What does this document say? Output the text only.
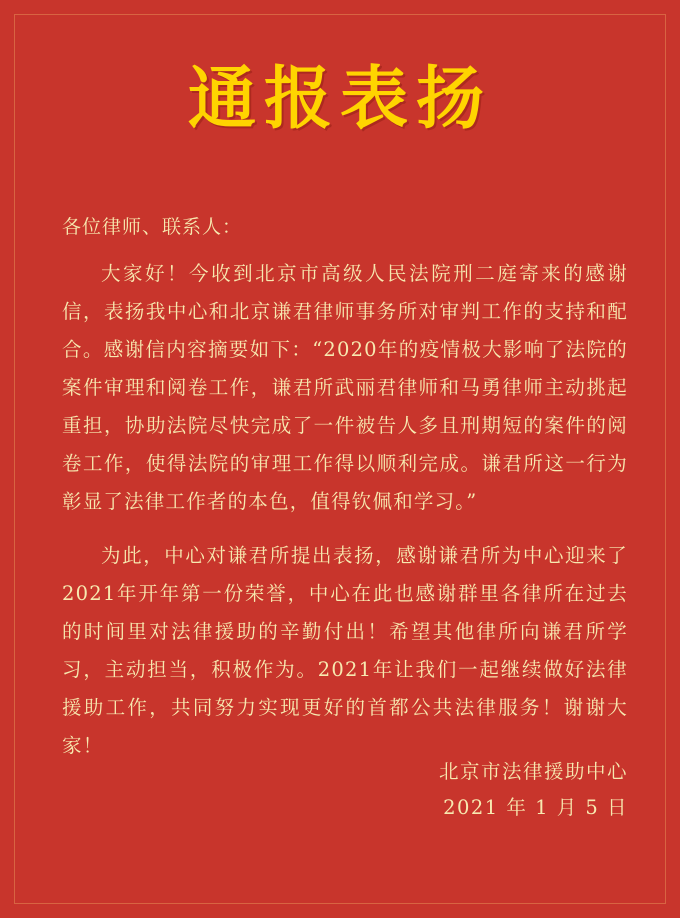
通报表扬
各位律师、联系人：

大家好！今收到北京市高级人民法院刑二庭寄来的感谢信，表扬我中心和北京谦君律师事务所对审判工作的支持和配合。感谢信内容摘要如下：“2020年的疫情极大影响了法院的案件审理和阅卷工作，谦君所武丽君律师和马勇律师主动挑起重担，协助法院尽快完成了一件被告人多且刑期短的案件的阅卷工作，使得法院的审理工作得以顺利完成。谦君所这一行为彰显了法律工作者的本色，值得钦佩和学习。”

为此，中心对谦君所提出表扬，感谢谦君所为中心迎来了2021年开年第一份荣誉，中心在此也感谢群里各律所在过去的时间里对法律援助的辛勤付出！希望其他律所向谦君所学习，主动担当，积极作为。2021年让我们一起继续做好法律援助工作，共同努力实现更好的首都公共法律服务！谢谢大家！

北京市法律援助中心
2021 年 1 月 5 日
